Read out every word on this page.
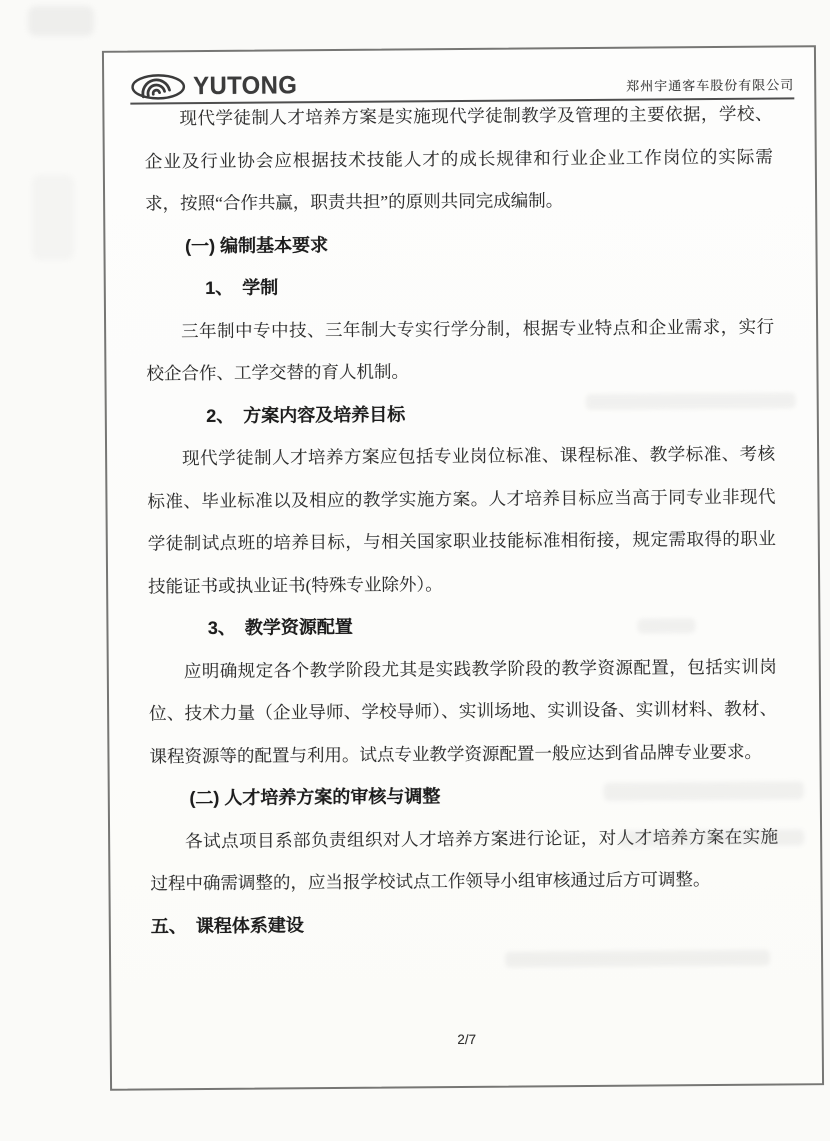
YUTONG	郑州宇通客车股份有限公司

现代学徒制人才培养方案是实施现代学徒制教学及管理的主要依据，学校、企业及行业协会应根据技术技能人才的成长规律和行业企业工作岗位的实际需求，按照“合作共赢，职责共担”的原则共同完成编制。

(一) 编制基本要求
1、　学制

三年制中专中技、三年制大专实行学分制，根据专业特点和企业需求，实行校企合作、工学交替的育人机制。

2、　方案内容及培养目标

现代学徒制人才培养方案应包括专业岗位标准、课程标准、教学标准、考核标准、毕业标准以及相应的教学实施方案。人才培养目标应当高于同专业非现代学徒制试点班的培养目标，与相关国家职业技能标准相衔接，规定需取得的职业技能证书或执业证书(特殊专业除外）。

3、　教学资源配置

应明确规定各个教学阶段尤其是实践教学阶段的教学资源配置，包括实训岗位、技术力量（企业导师、学校导师）、实训场地、实训设备、实训材料、教材、课程资源等的配置与利用。试点专业教学资源配置一般应达到省品牌专业要求。

(二) 人才培养方案的审核与调整

各试点项目系部负责组织对人才培养方案进行论证，对人才培养方案在实施过程中确需调整的，应当报学校试点工作领导小组审核通过后方可调整。

五、　课程体系建设
2/7
